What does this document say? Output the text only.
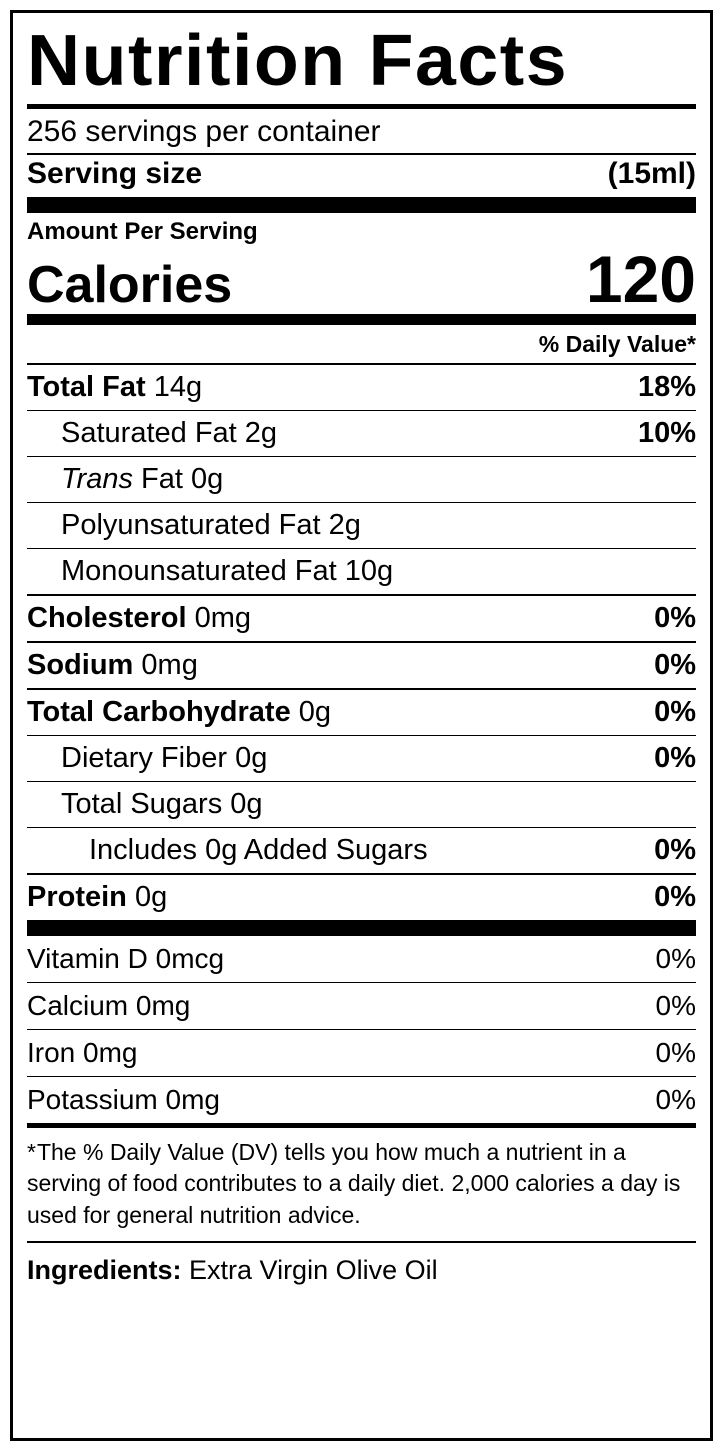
Nutrition Facts
256 servings per container
Serving size	(15ml)
Amount Per Serving
Calories	120
% Daily Value*
Total Fat 14g	18%
Saturated Fat 2g	10%
Trans Fat 0g
Polyunsaturated Fat 2g
Monounsaturated Fat 10g
Cholesterol 0mg	0%
Sodium 0mg	0%
Total Carbohydrate 0g	0%
Dietary Fiber 0g	0%
Total Sugars 0g
Includes 0g Added Sugars	0%
Protein 0g	0%
Vitamin D 0mcg	0%
Calcium 0mg	0%
Iron 0mg	0%
Potassium 0mg	0%
*The % Daily Value (DV) tells you how much a nutrient in a serving of food contributes to a daily diet. 2,000 calories a day is used for general nutrition advice.
Ingredients: Extra Virgin Olive Oil
